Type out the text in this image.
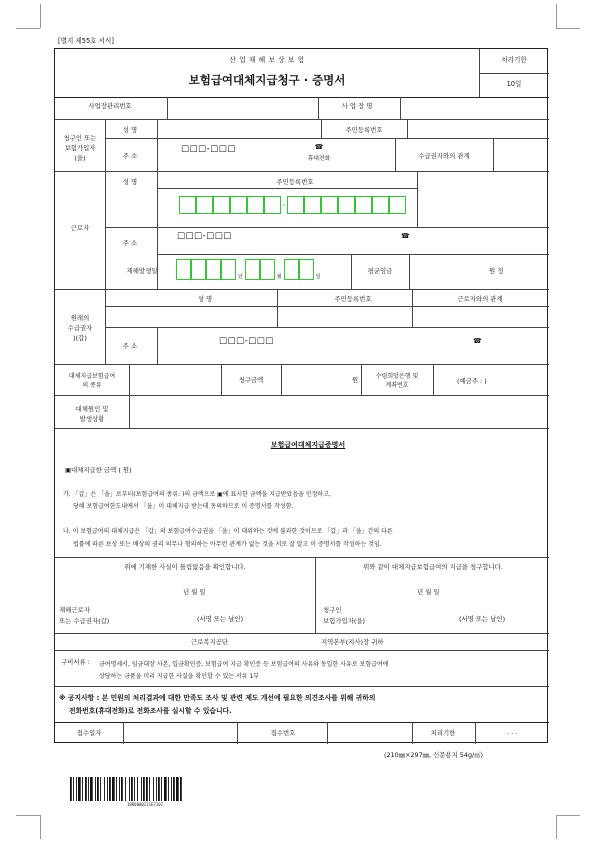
[별지 제55호 서식]
산 업 재 해 보 상 보 험
보험급여대체지급청구 · 증명서
처리기한
10일
사업장관리번호	사 업 장 명
청구인 또는
보험가입자
(을)
성 명	주민등록번호
주 소
□□□-□□□	☎
휴대전화	수급권자와의 관계
근로자
성 명	주민등록번호
-
주 소
□□□-□□□	☎
재해발생일
년	월	일
평균임금	원 정
원래의
수급권자
)(갑)
성 명	주민등록번호	근로자와의 관계
주 소	□□□-□□□	☎
대체지급보험급여
의 종류
청구금액	원	수령희망은행 및
계좌번호
(예금주 : )
대체원인 및
발생상황
보험급여대체지급증명서
▣대체지급한 금액 ( 원)
가. 「갑」은 「을」로부터(보험급여의 종류: )의 금액으로 ▣에 표시한 금액을 지급받았음을 인정하고,
당해 보험급여한도내에서 「을」이 대체지급 받는데 동의하므로 이 증명서를 작성함.
나. 이 보험급여의 대체지급은 「갑」의 보험급여수급권을 「을」이 대위하는 것에 불과한 것이므로 「갑」과 「을」간의 다른
법률에 따른 보상 또는 배상의 권리 의무나 형의하는 아무런 관계가 없는 것을 서로 잘 알고 이 증명서를 작성하는 것임.
위에 기재한 사실이 틀림없음을 확인합니다.	위와 같이 대체지급보험급여의 지급을 청구합니다.
년 월 일	년 월 일
재해근로자
또는 수급권자(갑)	(서명 또는 날인)
청구인
보험가입자(을)	(서명 또는 날인)
근로복지공단	지역본부(지사)장 귀하
구비서류 : 금여명세서, 임금대장 사본, 입금확인증, 보험급여 지급 확인증 등 보험급여의 사유와 동일한 사유로 보험급여에
상당하는 금품을 미리 지급한 사실을 확인할 수 있는 서류 1부
※ 공지사항 : 본 민원의 처리결과에 대한 만족도 조사 및 관련 제도 개선에 필요한 의견조사를 위해 귀하의
전화번호(휴대전화)로 전화조사를 실시할 수 있습니다.
접수일자	접수번호	처리기한	. . .
(210㎜×297㎜, 신문용지 54g/㎡)
IBR0000111E7107
